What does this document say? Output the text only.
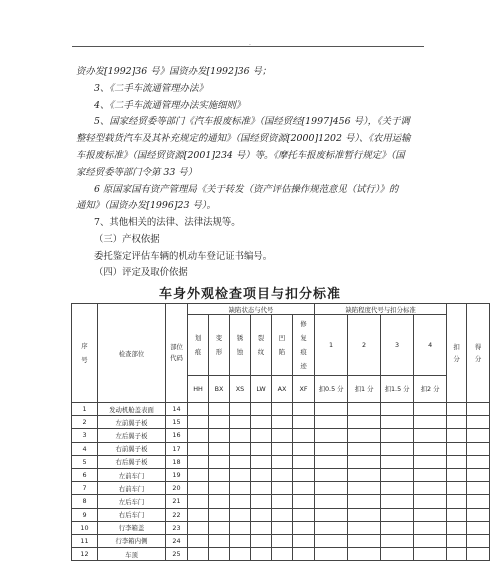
.
资办发[1992]36 号》国资办发[1992]36 号；
3、《二手车流通管理办法》
4、《二手车流通管理办法实施细则》
5、国家经贸委等部门《汽车报废标准》（国经贸经[1997]456 号），《关于调
整轻型载货汽车及其补充规定的通知》（国经贸资源[2000]1202 号）、《农用运输
车报废标准》（国经贸资源[2001]234 号）等。《摩托车报废标准暂行规定》（国
家经贸委等部门令第 33 号）
6 原国家国有资产管理局《关于转发（资产评估操作规范意见（试行）》的
通知》（国资办发[1996]23 号）。
7、其他相关的法律、法律法规等。
（三）产权依据
委托鉴定评估车辆的机动车登记证书编号。
（四）评定及取价依据
车身外观检查项目与扣分标准
序号	检查部位	部位代码	缺陷状态与代号						缺陷程度代号与扣分标准				扣分	得分

			划痕	变形	锈蚀	裂纹	凹陷	修复痕迹	1	2	3	4		
			HH	BX	XS	LW	AX	XF	扣0.5 分	扣1 分	扣1.5 分	扣2 分		

1	发动机舱盖表面	14												
2	左前翼子板	15												
3	左后翼子板	16												
4	右前翼子板	17												
5	右后翼子板	18												
6	左前车门	19												
7	右前车门	20												
8	左后车门	21												
9	右后车门	22												
10	行李箱盖	23												
11	行李箱内侧	24												
12	车顶	25												
